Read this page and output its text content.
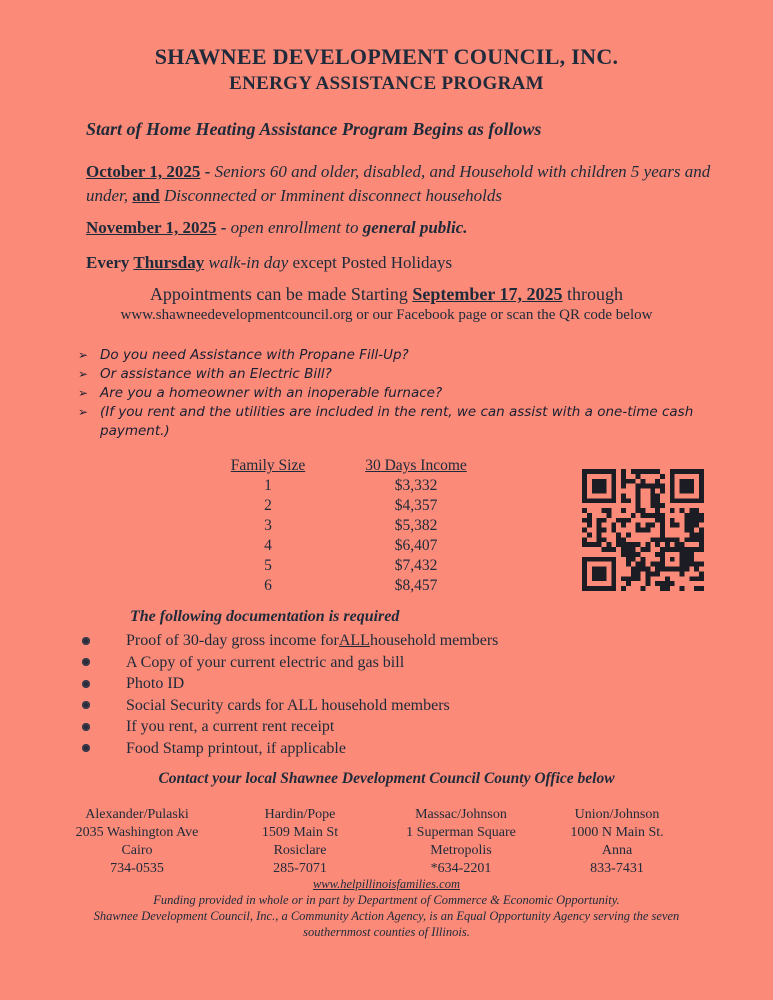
SHAWNEE DEVELOPMENT COUNCIL, INC.
ENERGY ASSISTANCE PROGRAM
Start of Home Heating Assistance Program Begins as follows
October 1, 2025 - Seniors 60 and older, disabled, and Household with children 5 years and under, and Disconnected or Imminent disconnect households
November 1, 2025 - open enrollment to general public.
Every Thursday walk-in day except Posted Holidays
Appointments can be made Starting September 17, 2025 through
www.shawneedevelopmentcouncil.org or our Facebook page or scan the QR code below
➢ Do you need Assistance with Propane Fill-Up?
➢ Or assistance with an Electric Bill?
➢ Are you a homeowner with an inoperable furnace?
➢ (If you rent and the utilities are included in the rent, we can assist with a one-time cash payment.)
Family Size
1
2
3
4
5
6
30 Days Income
$3,332
$4,357
$5,382
$6,407
$7,432
$8,457
The following documentation is required
Proof of 30-day gross income for ALL household members
A Copy of your current electric and gas bill
Photo ID
Social Security cards for ALL household members
If you rent, a current rent receipt
Food Stamp printout, if applicable
Contact your local Shawnee Development Council County Office below
Alexander/Pulaski
2035 Washington Ave
Cairo
734-0535
Hardin/Pope
1509 Main St
Rosiclare
285-7071
Massac/Johnson
1 Superman Square
Metropolis
*634-2201
Union/Johnson
1000 N Main St.
Anna
833-7431
www.helpillinoisfamilies.com
Funding provided in whole or in part by Department of Commerce & Economic Opportunity.
Shawnee Development Council, Inc., a Community Action Agency, is an Equal Opportunity Agency serving the seven
southernmost counties of Illinois.
